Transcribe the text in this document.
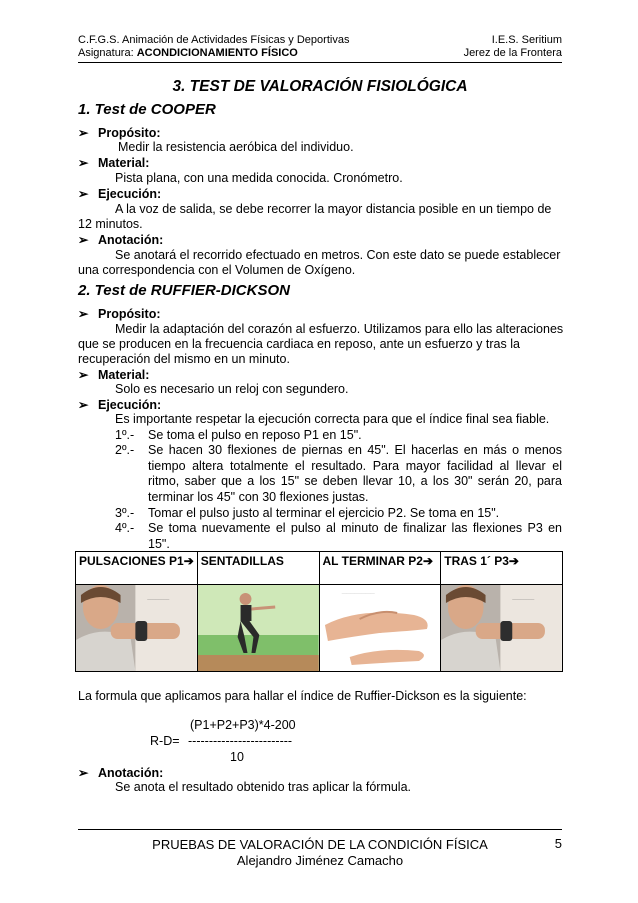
C.F.G.S. Animación de Actividades Físicas y Deportivas	I.E.S. Seritium
Asignatura: ACONDICIONAMIENTO FÍSICO	Jerez de la Frontera
3. TEST DE VALORACIÓN FISIOLÓGICA
1. Test de COOPER
➢ Propósito:
Medir la resistencia aeróbica del individuo.
➢ Material:
Pista plana, con una medida conocida. Cronómetro.
➢ Ejecución:
A la voz de salida, se debe recorrer la mayor distancia posible en un tiempo de
12 minutos.
➢ Anotación:
Se anotará el recorrido efectuado en metros. Con este dato se puede establecer
una correspondencia con el Volumen de Oxígeno.
2. Test de RUFFIER-DICKSON
➢ Propósito:
Medir la adaptación del corazón al esfuerzo. Utilizamos para ello las alteraciones
que se producen en la frecuencia cardiaca en reposo, ante un esfuerzo y tras la
recuperación del mismo en un minuto.
➢ Material:
Solo es necesario un reloj con segundero.
➢ Ejecución:
Es importante respetar la ejecución correcta para que el índice final sea fiable.
1º.- Se toma el pulso en reposo P1 en 15".
2º.- Se hacen 30 flexiones de piernas en 45". El hacerlas en más o menos tiempo altera totalmente el resultado. Para mayor facilidad al llevar el ritmo, saber que a los 15" se deben llevar 10, a los 30" serán 20, para terminar los 45" con 30 flexiones justas.
3º.- Tomar el pulso justo al terminar el ejercicio P2. Se toma en 15".
4º.- Se toma nuevamente el pulso al minuto de finalizar las flexiones P3 en 15".
PULSACIONES P1➔	SENTADILLAS	AL TERMINAR P2➔	TRAS 1´ P3➔

________		_______________	________
La formula que aplicamos para hallar el índice de Ruffier-Dickson es la siguiente:
(P1+P2+P3)*4-200
R-D= -------------------------
10
➢ Anotación:
Se anota el resultado obtenido tras aplicar la fórmula.
PRUEBAS DE VALORACIÓN DE LA CONDICIÓN FÍSICA
Alejandro Jiménez Camacho
5
